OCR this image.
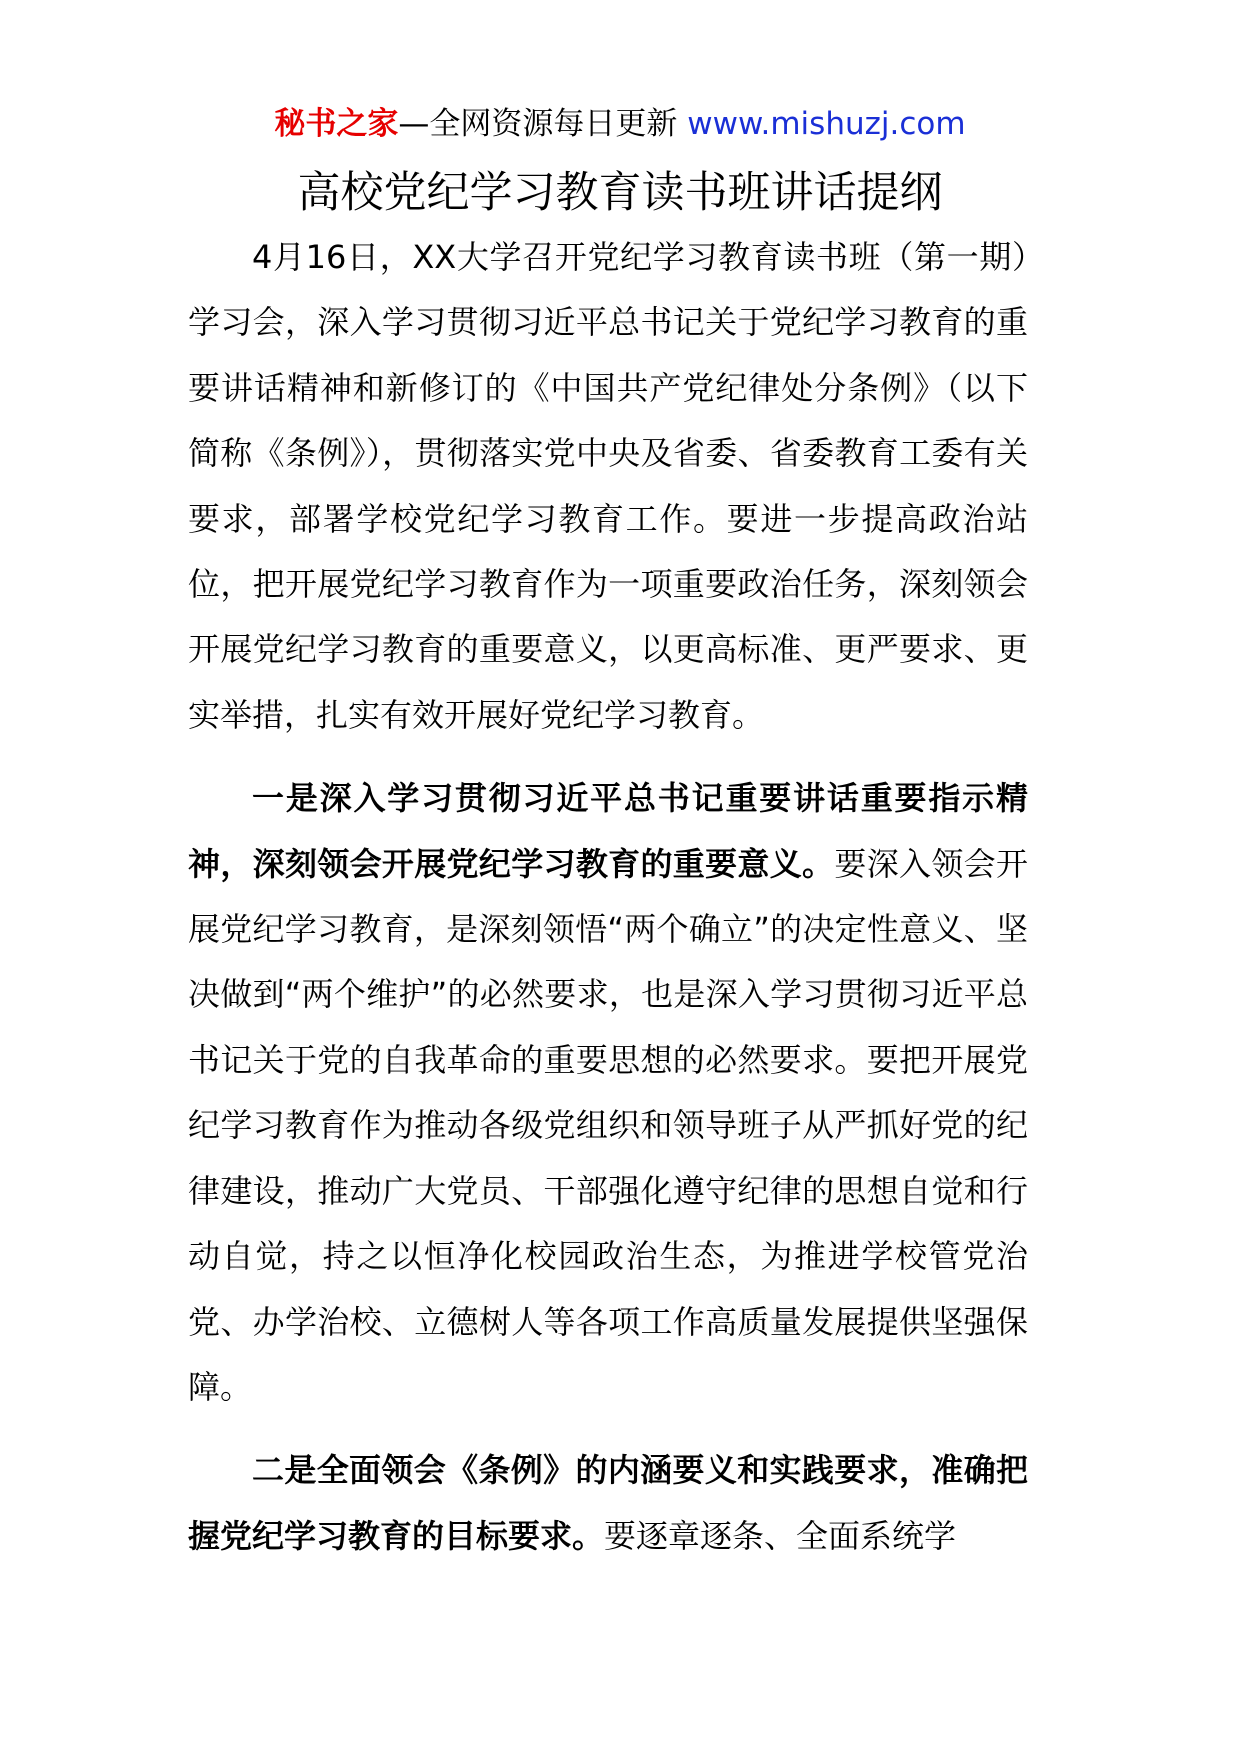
秘书之家—全网资源每日更新 www.mishuzj.com
高校党纪学习教育读书班讲话提纲

4月16日，XX大学召开党纪学习教育读书班（第一期）学习会，深入学习贯彻习近平总书记关于党纪学习教育的重要讲话精神和新修订的《中国共产党纪律处分条例》（以下简称《条例》），贯彻落实党中央及省委、省委教育工委有关要求，部署学校党纪学习教育工作。要进一步提高政治站位，把开展党纪学习教育作为一项重要政治任务，深刻领会开展党纪学习教育的重要意义，以更高标准、更严要求、更实举措，扎实有效开展好党纪学习教育。

一是深入学习贯彻习近平总书记重要讲话重要指示精神，深刻领会开展党纪学习教育的重要意义。要深入领会开展党纪学习教育，是深刻领悟“两个确立”的决定性意义、坚决做到“两个维护”的必然要求，也是深入学习贯彻习近平总书记关于党的自我革命的重要思想的必然要求。要把开展党纪学习教育作为推动各级党组织和领导班子从严抓好党的纪律建设，推动广大党员、干部强化遵守纪律的思想自觉和行动自觉，持之以恒净化校园政治生态，为推进学校管党治党、办学治校、立德树人等各项工作高质量发展提供坚强保障。

二是全面领会《条例》的内涵要义和实践要求，准确把握党纪学习教育的目标要求。要逐章逐条、全面系统学
